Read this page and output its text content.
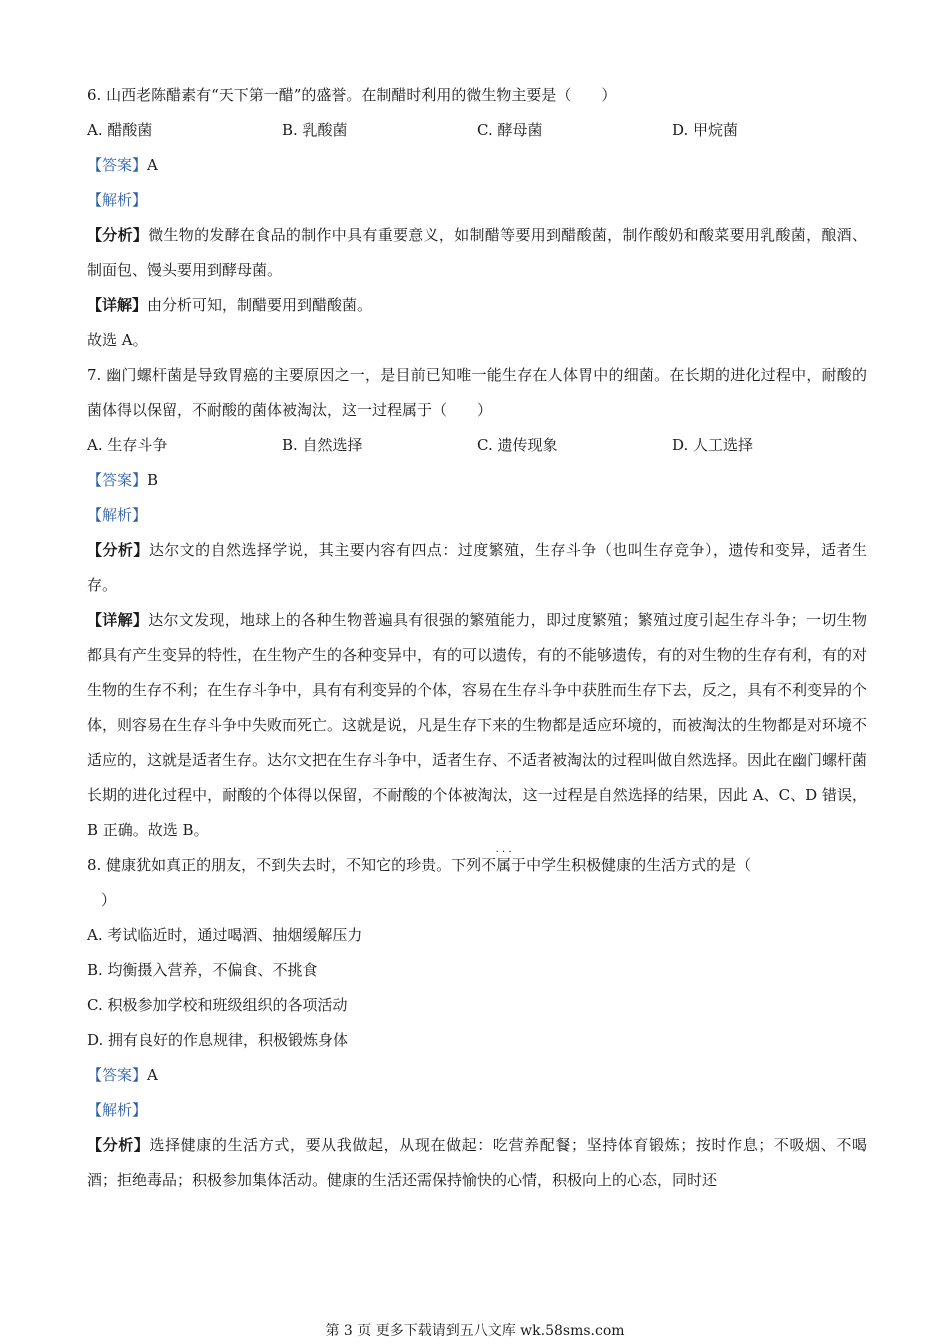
6. 山西老陈醋素有“天下第一醋”的盛誉。在制醋时利用的微生物主要是（　　）
A. 醋酸菌	B. 乳酸菌	C. 酵母菌	D. 甲烷菌
【答案】A
【解析】
【分析】微生物的发酵在食品的制作中具有重要意义，如制醋等要用到醋酸菌，制作酸奶和酸菜要用乳酸菌，酿酒、制面包、馒头要用到酵母菌。
【详解】由分析可知，制醋要用到醋酸菌。
故选 A。
7. 幽门螺杆菌是导致胃癌的主要原因之一，是目前已知唯一能生存在人体胃中的细菌。在长期的进化过程中，耐酸的菌体得以保留，不耐酸的菌体被淘汰，这一过程属于（　　）
A. 生存斗争	B. 自然选择	C. 遗传现象	D. 人工选择
【答案】B
【解析】
【分析】达尔文的自然选择学说，其主要内容有四点：过度繁殖，生存斗争（也叫生存竞争），遗传和变异，适者生存。
【详解】达尔文发现，地球上的各种生物普遍具有很强的繁殖能力，即过度繁殖；繁殖过度引起生存斗争；一切生物都具有产生变异的特性，在生物产生的各种变异中，有的可以遗传，有的不能够遗传，有的对生物的生存有利，有的对生物的生存不利；在生存斗争中，具有有利变异的个体，容易在生存斗争中获胜而生存下去，反之，具有不利变异的个体，则容易在生存斗争中失败而死亡。这就是说，凡是生存下来的生物都是适应环境的，而被淘汰的生物都是对环境不适应的，这就是适者生存。达尔文把在生存斗争中，适者生存、不适者被淘汰的过程叫做自然选择。因此在幽门螺杆菌长期的进化过程中，耐酸的个体得以保留，不耐酸的个体被淘汰，这一过程是自然选择的结果，因此 A、C、D 错误，B 正确。故选 B。
8. 健康犹如真正的朋友，不到失去时，不知它的珍贵。下列
· · ·
不属于中学生积极健康的生活方式的是（
）
A. 考试临近时，通过喝酒、抽烟缓解压力
B. 均衡摄入营养，不偏食、不挑食
C. 积极参加学校和班级组织的各项活动
D. 拥有良好的作息规律，积极锻炼身体
【答案】A
【解析】
【分析】选择健康的生活方式，要从我做起，从现在做起：吃营养配餐；坚持体育锻炼；按时作息；不吸烟、不喝酒；拒绝毒品；积极参加集体活动。健康的生活还需保持愉快的心情，积极向上的心态，同时还
第 3 页 更多下载请到五八文库 wk.58sms.com
